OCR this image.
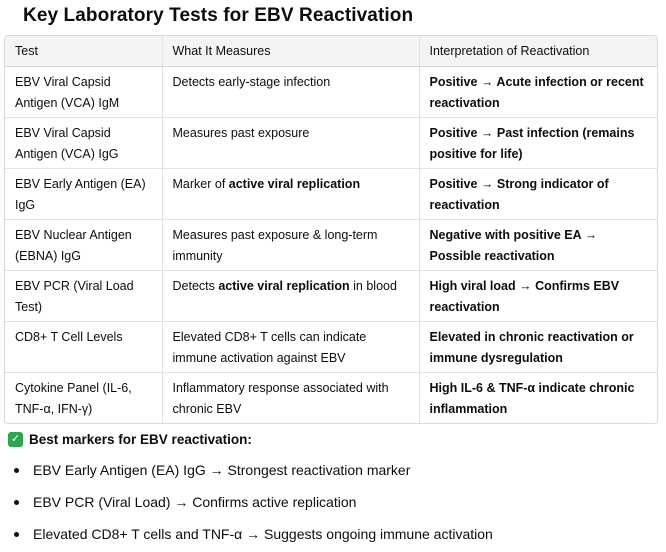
Key Laboratory Tests for EBV Reactivation
Test	What It Measures	Interpretation of Reactivation
EBV Viral Capsid Antigen (VCA) IgM	Detects early-stage infection	Positive → Acute infection or recent reactivation
EBV Viral Capsid Antigen (VCA) IgG	Measures past exposure	Positive → Past infection (remains positive for life)
EBV Early Antigen (EA) IgG	Marker of active viral replication	Positive → Strong indicator of reactivation
EBV Nuclear Antigen (EBNA) IgG	Measures past exposure & long-term immunity	Negative with positive EA → Possible reactivation
EBV PCR (Viral Load Test)	Detects active viral replication in blood	High viral load → Confirms EBV reactivation
CD8+ T Cell Levels	Elevated CD8+ T cells can indicate immune activation against EBV	Elevated in chronic reactivation or immune dysregulation
Cytokine Panel (IL-6, TNF-α, IFN-γ)	Inflammatory response associated with chronic EBV	High IL-6 & TNF-α indicate chronic inflammation
✓ Best markers for EBV reactivation:
EBV Early Antigen (EA) IgG → Strongest reactivation marker
EBV PCR (Viral Load) → Confirms active replication
Elevated CD8+ T cells and TNF-α → Suggests ongoing immune activation
